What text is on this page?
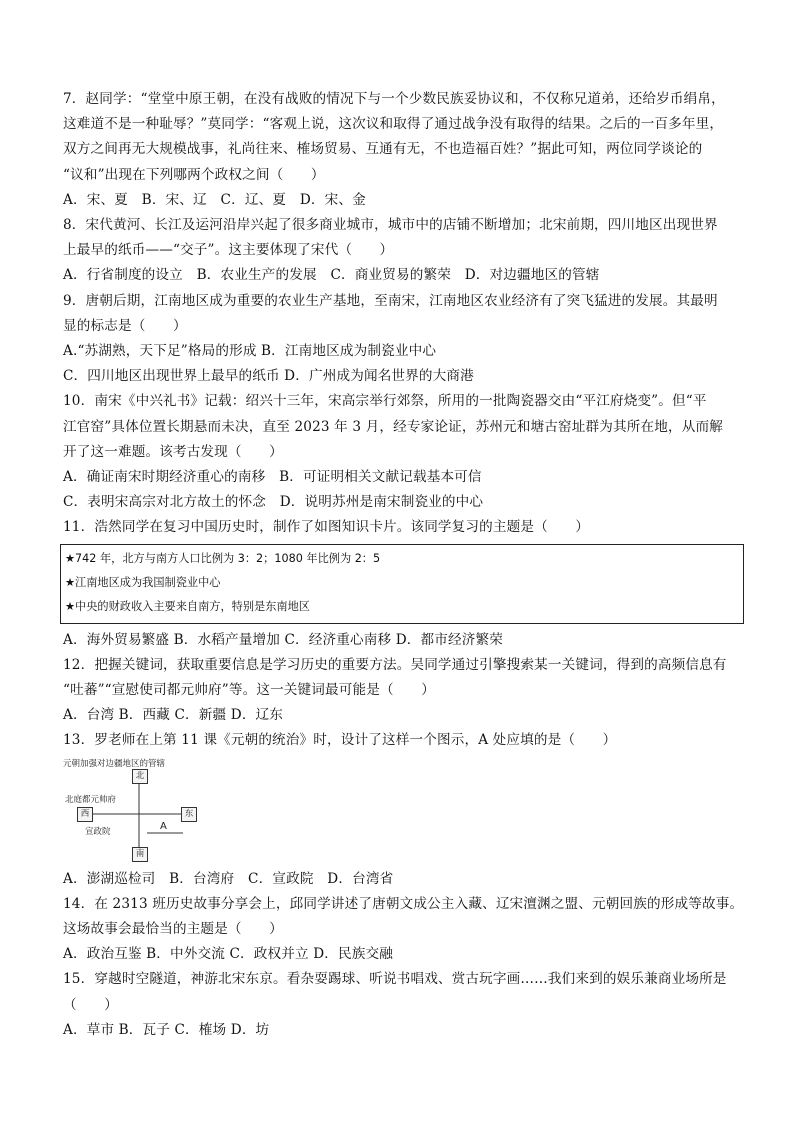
7．赵同学：“堂堂中原王朝，在没有战败的情况下与一个少数民族妥协议和，不仅称兄道弟，还给岁币绢帛，

这难道不是一种耻辱？”莫同学：“客观上说，这次议和取得了通过战争没有取得的结果。之后的一百多年里，

双方之间再无大规模战事，礼尚往来、榷场贸易、互通有无，不也造福百姓？”据此可知，两位同学谈论的

“议和”出现在下列哪两个政权之间（　　）

A．宋、夏　B．宋、辽　C．辽、夏　D．宋、金

8．宋代黄河、长江及运河沿岸兴起了很多商业城市，城市中的店铺不断增加；北宋前期，四川地区出现世界

上最早的纸币——“交子”。这主要体现了宋代（　　）

A．行省制度的设立　B．农业生产的发展　C．商业贸易的繁荣　D．对边疆地区的管辖

9．唐朝后期，江南地区成为重要的农业生产基地，至南宋，江南地区农业经济有了突飞猛进的发展。其最明

显的标志是（　　）

A.“苏湖熟，天下足”格局的形成 B．江南地区成为制瓷业中心

C．四川地区出现世界上最早的纸币 D．广州成为闻名世界的大商港

10．南宋《中兴礼书》记载：绍兴十三年，宋高宗举行郊祭，所用的一批陶瓷器交由“平江府烧变”。但“平

江官窑”具体位置长期悬而未决，直至 2023 年 3 月，经专家论证，苏州元和塘古窑址群为其所在地，从而解

开了这一难题。该考古发现（　　）

A．确证南宋时期经济重心的南移　B．可证明相关文献记载基本可信

C．表明宋高宗对北方故土的怀念　D．说明苏州是南宋制瓷业的中心

11．浩然同学在复习中国历史时，制作了如图知识卡片。该同学复习的主题是（　　）

★742 年，北方与南方人口比例为 3：2；1080 年比例为 2：5
★江南地区成为我国制瓷业中心
★中央的财政收入主要来自南方，特别是东南地区

A．海外贸易繁盛 B．水稻产量增加 C．经济重心南移 D．都市经济繁荣

12．把握关键词，获取重要信息是学习历史的重要方法。吴同学通过引擎搜索某一关键词，得到的高频信息有

“吐蕃”“宣慰使司都元帅府”等。这一关键词最可能是（　　）

A．台湾 B．西藏 C．新疆 D．辽东

13．罗老师在上第 11 课《元朝的统治》时，设计了这样一个图示，A 处应填的是（　　）

元朝加强对边疆地区的管辖
北
北庭都元帅府
西	东
宣政院	A
南

A．澎湖巡检司　B．台湾府　C．宣政院　D．台湾省

14．在 2313 班历史故事分享会上，邱同学讲述了唐朝文成公主入藏、辽宋澶渊之盟、元朝回族的形成等故事。

这场故事会最恰当的主题是（　　）

A．政治互鉴 B．中外交流 C．政权并立 D．民族交融

15．穿越时空隧道，神游北宋东京。看杂耍踢球、听说书唱戏、赏古玩字画……我们来到的娱乐兼商业场所是

（　　）

A．草市 B．瓦子 C．榷场 D．坊
